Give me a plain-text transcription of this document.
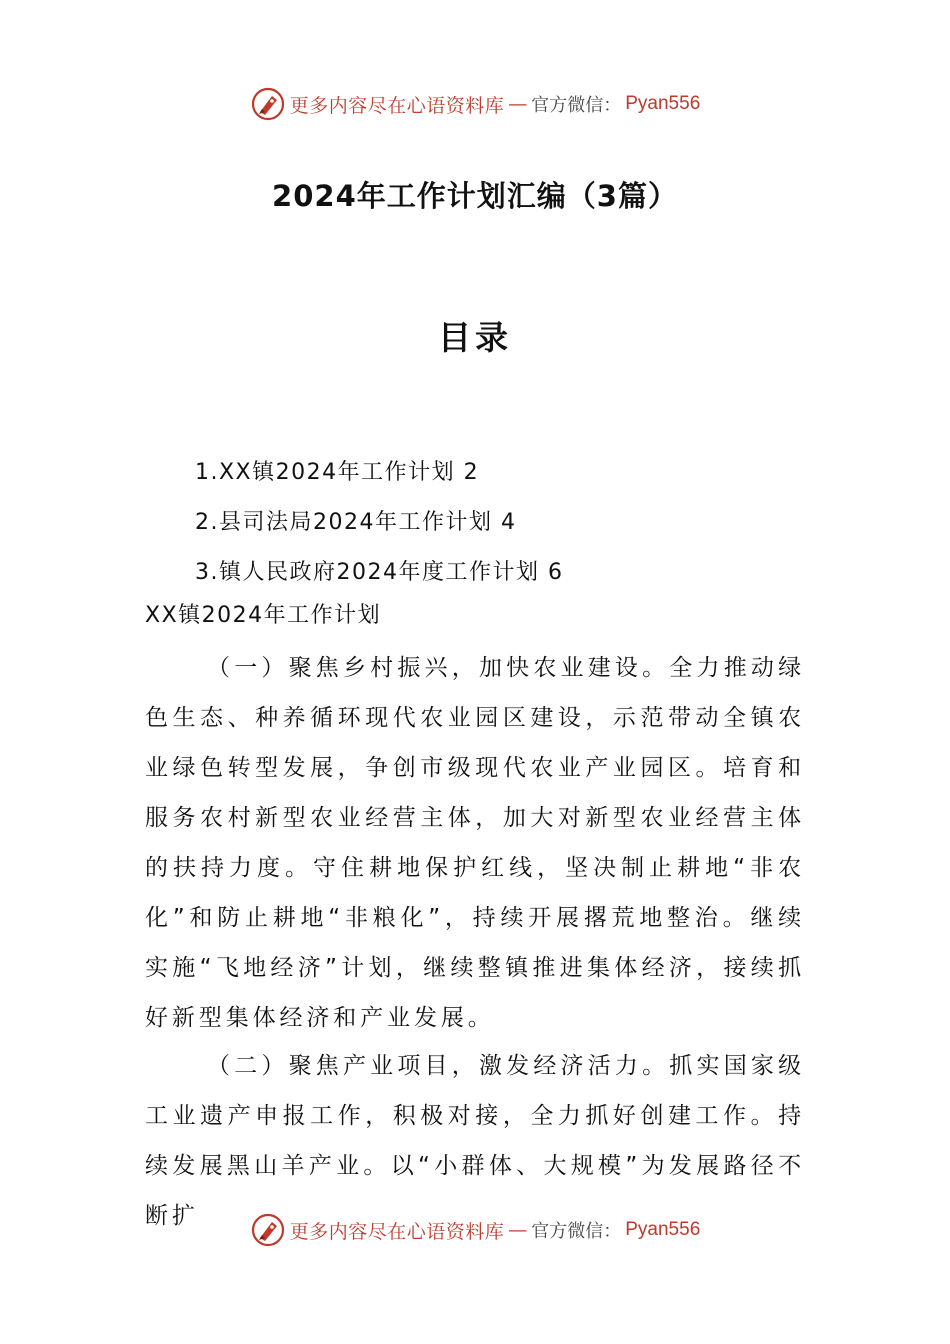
更多内容尽在心语资料库 — 官方微信： Pyan556
2024年工作计划汇编（3篇）
目录
1.XX镇2024年工作计划 2
2.县司法局2024年工作计划 4
3.镇人民政府2024年度工作计划 6
XX镇2024年工作计划

（一）聚焦乡村振兴，加快农业建设。全力推动绿色生态、种养循环现代农业园区建设，示范带动全镇农业绿色转型发展，争创市级现代农业产业园区。培育和服务农村新型农业经营主体，加大对新型农业经营主体的扶持力度。守住耕地保护红线，坚决制止耕地“非农化”和防止耕地“非粮化”，持续开展撂荒地整治。继续实施“飞地经济”计划，继续整镇推进集体经济，接续抓好新型集体经济和产业发展。

（二）聚焦产业项目，激发经济活力。抓实国家级工业遗产申报工作，积极对接，全力抓好创建工作。持续发展黑山羊产业。以“小群体、大规模”为发展路径不断扩

更多内容尽在心语资料库 — 官方微信： Pyan556
